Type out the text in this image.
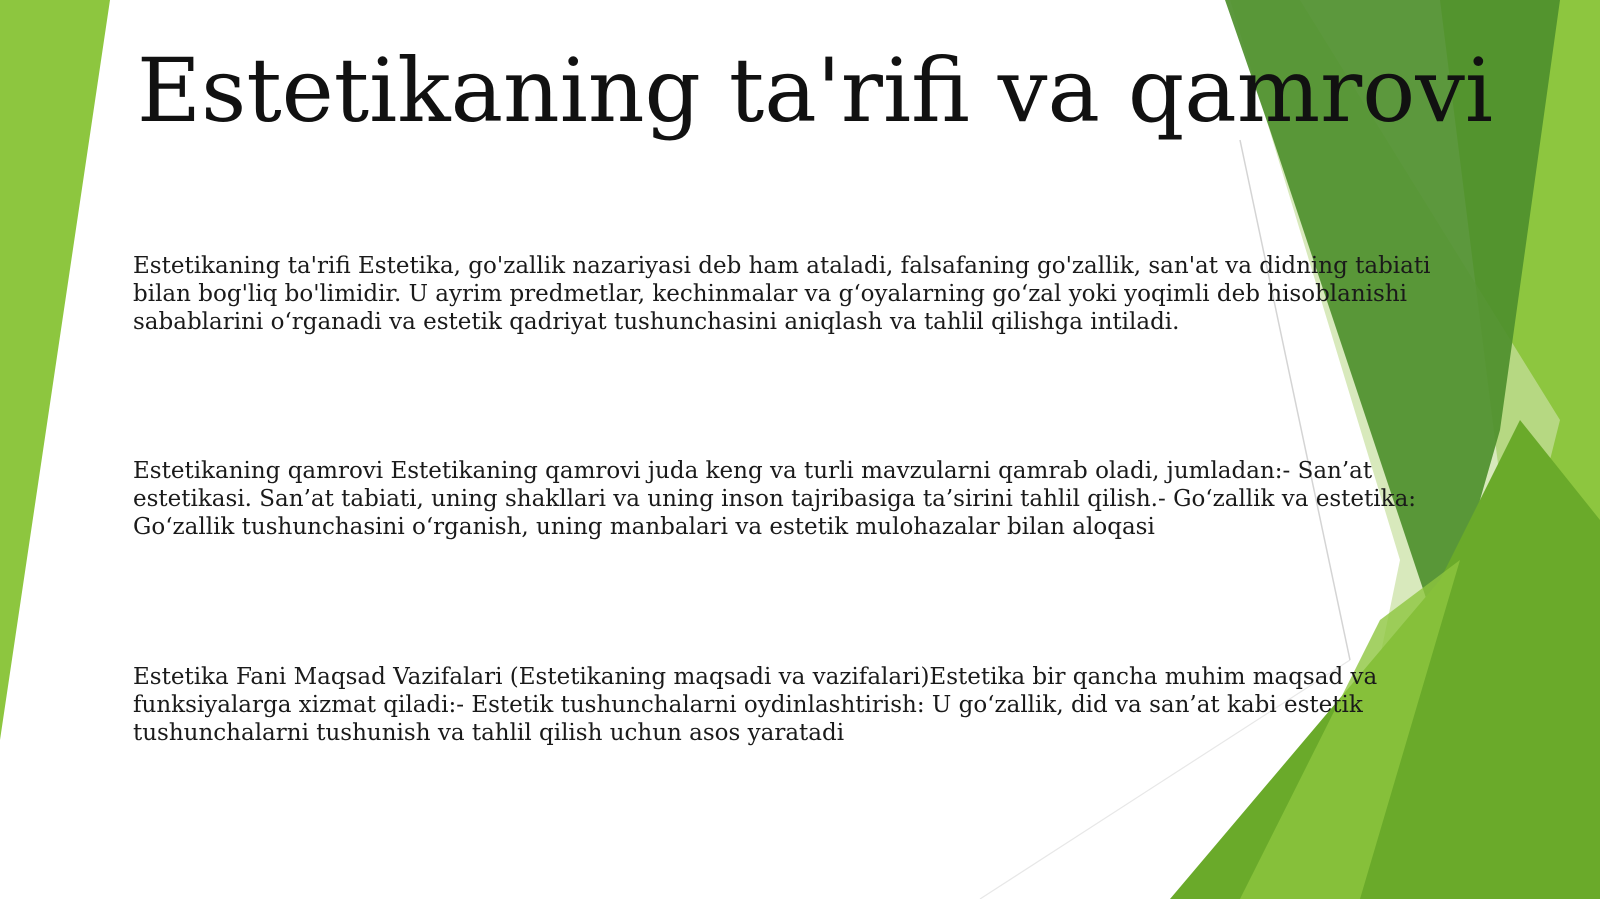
Estetikaning ta'rifi va qamrovi

Estetikaning ta'rifi Estetika, go'zallik nazariyasi deb ham ataladi, falsafaning go'zallik, san'at va didning tabiati bilan bog'liq bo'limidir. U ayrim predmetlar, kechinmalar va g‘oyalarning go‘zal yoki yoqimli deb hisoblanishi sabablarini o‘rganadi va estetik qadriyat tushunchasini aniqlash va tahlil qilishga intiladi.

Estetikaning qamrovi Estetikaning qamrovi juda keng va turli mavzularni qamrab oladi, jumladan:- San’at estetikasi. San’at tabiati, uning shakllari va uning inson tajribasiga ta’sirini tahlil qilish.- Go‘zallik va estetika: Go‘zallik tushunchasini o‘rganish, uning manbalari va estetik mulohazalar bilan aloqasi

Estetika Fani Maqsad Vazifalari (Estetikaning maqsadi va vazifalari)Estetika bir qancha muhim maqsad va funksiyalarga xizmat qiladi:- Estetik tushunchalarni oydinlashtirish: U go‘zallik, did va san’at kabi estetik tushunchalarni tushunish va tahlil qilish uchun asos yaratadi
